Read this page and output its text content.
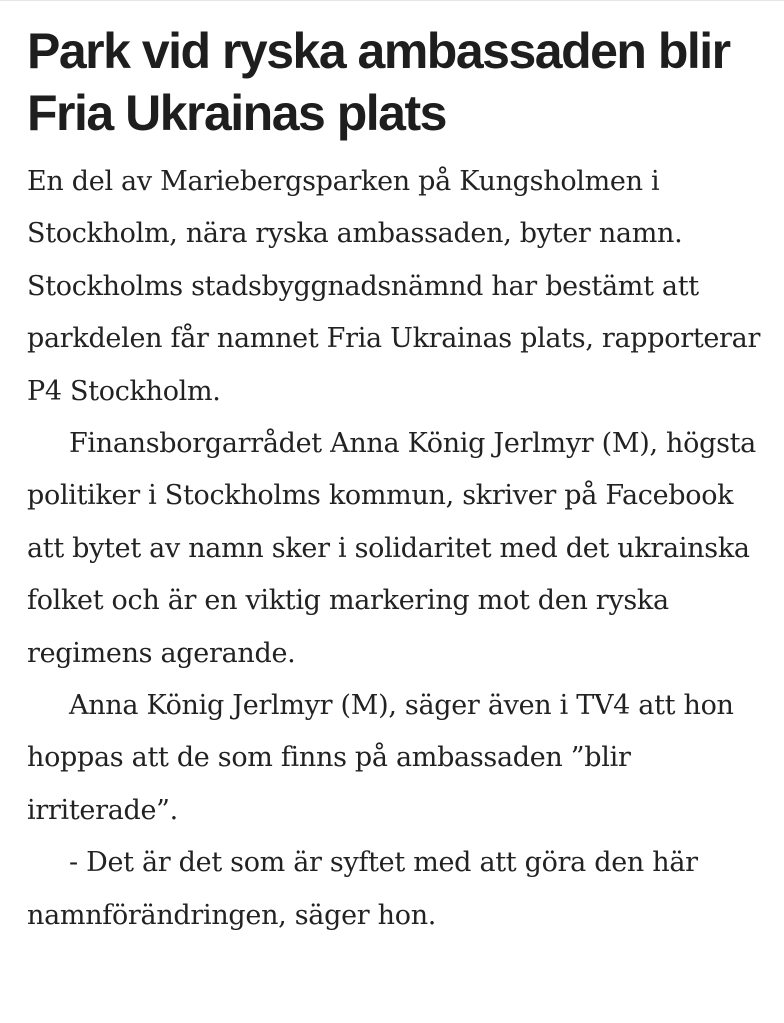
Park vid ryska ambassaden blir Fria Ukrainas plats

En del av Mariebergsparken på Kungsholmen i Stockholm, nära ryska ambassaden, byter namn. Stockholms stadsbyggnadsnämnd har bestämt att parkdelen får namnet Fria Ukrainas plats, rapporterar P4 Stockholm.

Finansborgarrådet Anna König Jerlmyr (M), högsta politiker i Stockholms kommun, skriver på Facebook att bytet av namn sker i solidaritet med det ukrainska folket och är en viktig markering mot den ryska regimens agerande.

Anna König Jerlmyr (M), säger även i TV4 att hon hoppas att de som finns på ambassaden ”blir irriterade”.

- Det är det som är syftet med att göra den här namnförändringen, säger hon.
